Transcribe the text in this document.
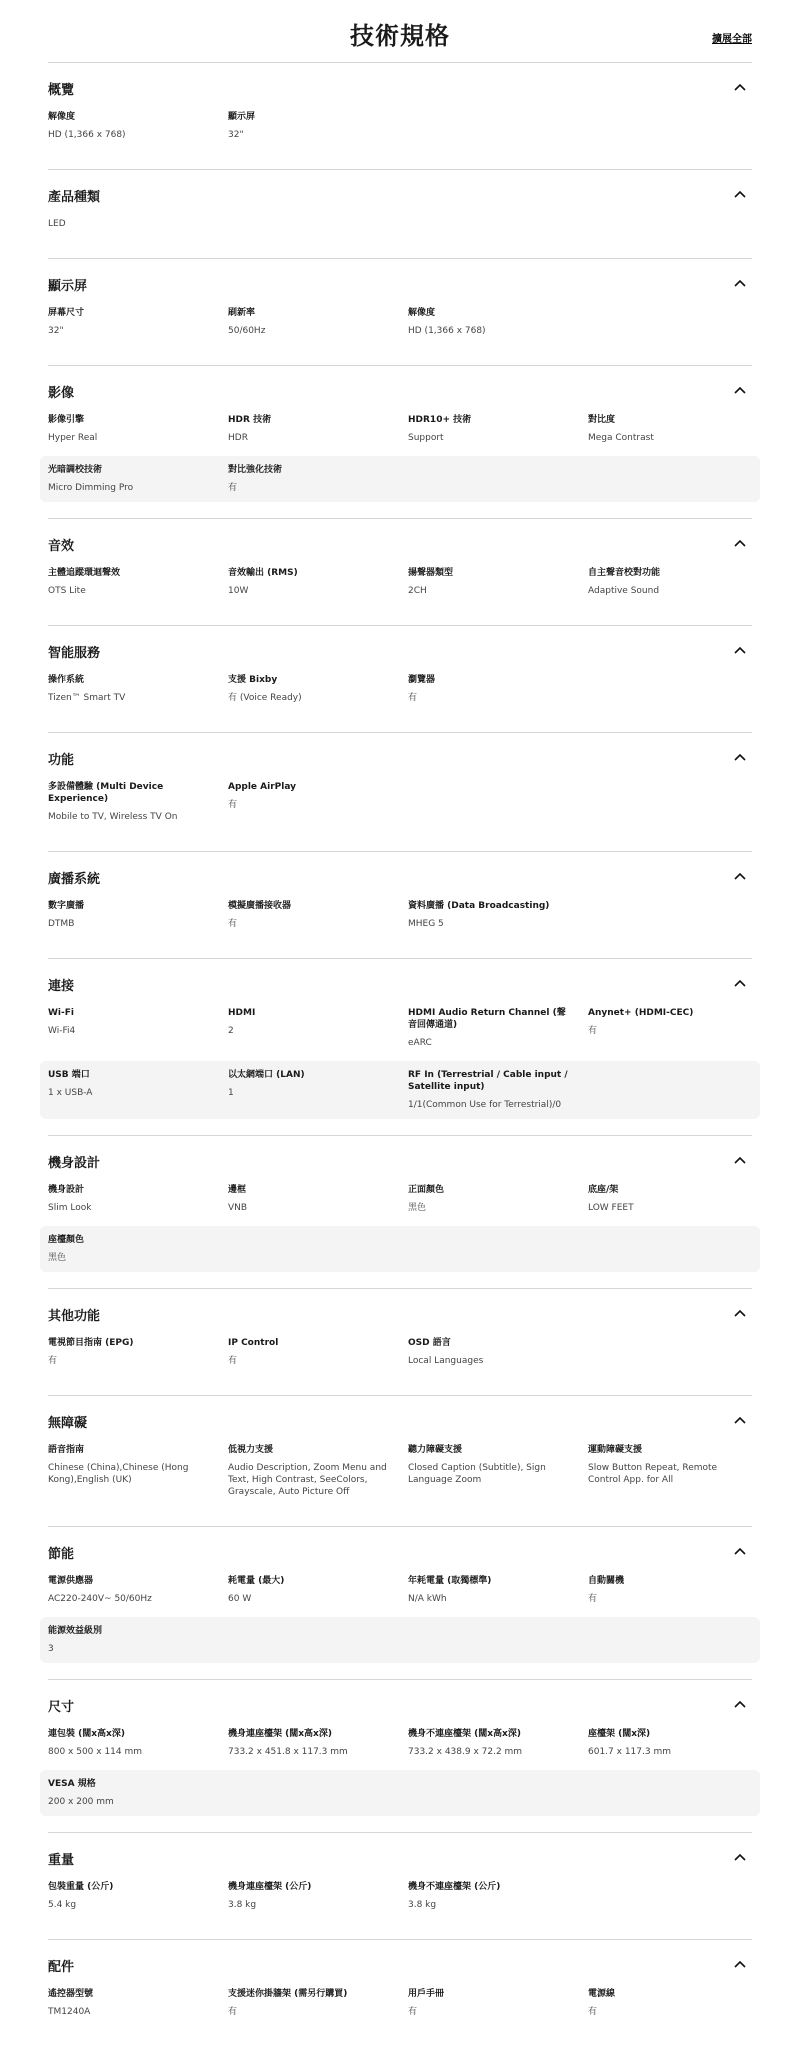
技術規格	擴展全部
概覽
解像度
HD (1,366 x 768)
顯示屏
32"
產品種類
LED
顯示屏
屏幕尺寸
32"
刷新率
50/60Hz
解像度
HD (1,366 x 768)
影像
影像引擎
Hyper Real
HDR 技術
HDR
HDR10+ 技術
Support
對比度
Mega Contrast
光暗調校技術
Micro Dimming Pro
對比強化技術
有
音效
主體追蹤環迴聲效
OTS Lite
音效輸出 (RMS)
10W
揚聲器類型
2CH
自主聲音校對功能
Adaptive Sound
智能服務
操作系統
Tizen™ Smart TV
支援 Bixby
有 (Voice Ready)
瀏覽器
有
功能
多設備體驗 (Multi Device Experience)
Mobile to TV, Wireless TV On
Apple AirPlay
有
廣播系統
數字廣播
DTMB
模擬廣播接收器
有
資料廣播 (Data Broadcasting)
MHEG 5
連接
Wi-Fi
Wi-Fi4
HDMI
2
HDMI Audio Return Channel (聲音回傳通道)
eARC
Anynet+ (HDMI-CEC)
有
USB 端口
1 x USB-A
以太網端口 (LAN)
1
RF In (Terrestrial / Cable input / Satellite input)
1/1(Common Use for Terrestrial)/0
機身設計
機身設計
Slim Look
邊框
VNB
正面顏色
黑色
底座/架
LOW FEET
座檯顏色
黑色
其他功能
電視節目指南 (EPG)
有
IP Control
有
OSD 語言
Local Languages
無障礙
語音指南
Chinese (China),Chinese (Hong Kong),English (UK)
低視力支援
Audio Description, Zoom Menu and Text, High Contrast, SeeColors, Grayscale, Auto Picture Off
聽力障礙支援
Closed Caption (Subtitle), Sign Language Zoom
運動障礙支援
Slow Button Repeat, Remote Control App. for All
節能
電源供應器
AC220-240V~ 50/60Hz
耗電量 (最大)
60 W
年耗電量 (取獨標準)
N/A kWh
自動關機
有
能源效益級別
3
尺寸
連包裝 (闊x高x深)
800 x 500 x 114 mm
機身連座檯架 (闊x高x深)
733.2 x 451.8 x 117.3 mm
機身不連座檯架 (闊x高x深)
733.2 x 438.9 x 72.2 mm
座檯架 (闊x深)
601.7 x 117.3 mm
VESA 規格
200 x 200 mm
重量
包裝重量 (公斤)
5.4 kg
機身連座檯架 (公斤)
3.8 kg
機身不連座檯架 (公斤)
3.8 kg
配件
遙控器型號
TM1240A
支援迷你掛牆架 (需另行購買)
有
用戶手冊
有
電源線
有
